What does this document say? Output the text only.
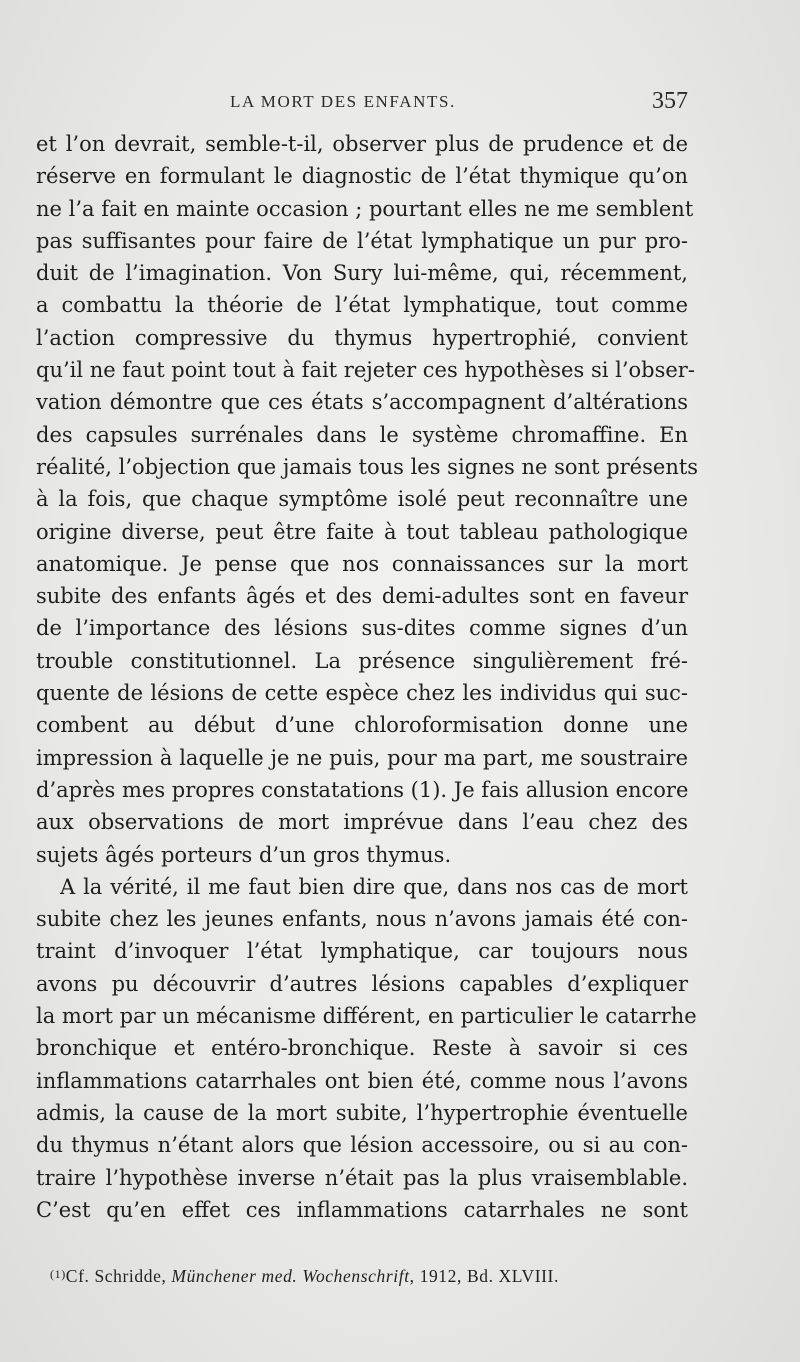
LA MORT DES ENFANTS.	357
et l’on devrait, semble-t-il, observer plus de prudence et de
réserve en formulant le diagnostic de l’état thymique qu’on
ne l’a fait en mainte occasion ; pourtant elles ne me semblent
pas suffisantes pour faire de l’état lymphatique un pur pro-
duit de l’imagination. Von Sury lui-même, qui, récemment,
a combattu la théorie de l’état lymphatique, tout comme
l’action compressive du thymus hypertrophié, convient
qu’il ne faut point tout à fait rejeter ces hypothèses si l’obser-
vation démontre que ces états s’accompagnent d’altérations
des capsules surrénales dans le système chromaffine. En
réalité, l’objection que jamais tous les signes ne sont présents
à la fois, que chaque symptôme isolé peut reconnaître une
origine diverse, peut être faite à tout tableau pathologique
anatomique. Je pense que nos connaissances sur la mort
subite des enfants âgés et des demi-adultes sont en faveur
de l’importance des lésions sus-dites comme signes d’un
trouble constitutionnel. La présence singulièrement fré-
quente de lésions de cette espèce chez les individus qui suc-
combent au début d’une chloroformisation donne une
impression à laquelle je ne puis, pour ma part, me soustraire
d’après mes propres constatations (1). Je fais allusion encore
aux observations de mort imprévue dans l’eau chez des
sujets âgés porteurs d’un gros thymus.
A la vérité, il me faut bien dire que, dans nos cas de mort
subite chez les jeunes enfants, nous n’avons jamais été con-
traint d’invoquer l’état lymphatique, car toujours nous
avons pu découvrir d’autres lésions capables d’expliquer
la mort par un mécanisme différent, en particulier le catarrhe
bronchique et entéro-bronchique. Reste à savoir si ces
inflammations catarrhales ont bien été, comme nous l’avons
admis, la cause de la mort subite, l’hypertrophie éventuelle
du thymus n’étant alors que lésion accessoire, ou si au con-
traire l’hypothèse inverse n’était pas la plus vraisemblable.
C’est qu’en effet ces inflammations catarrhales ne sont
$^{(1)}$Cf. Schridde, Münchener med. Wochenschrift, 1912, Bd. XLVIII.
